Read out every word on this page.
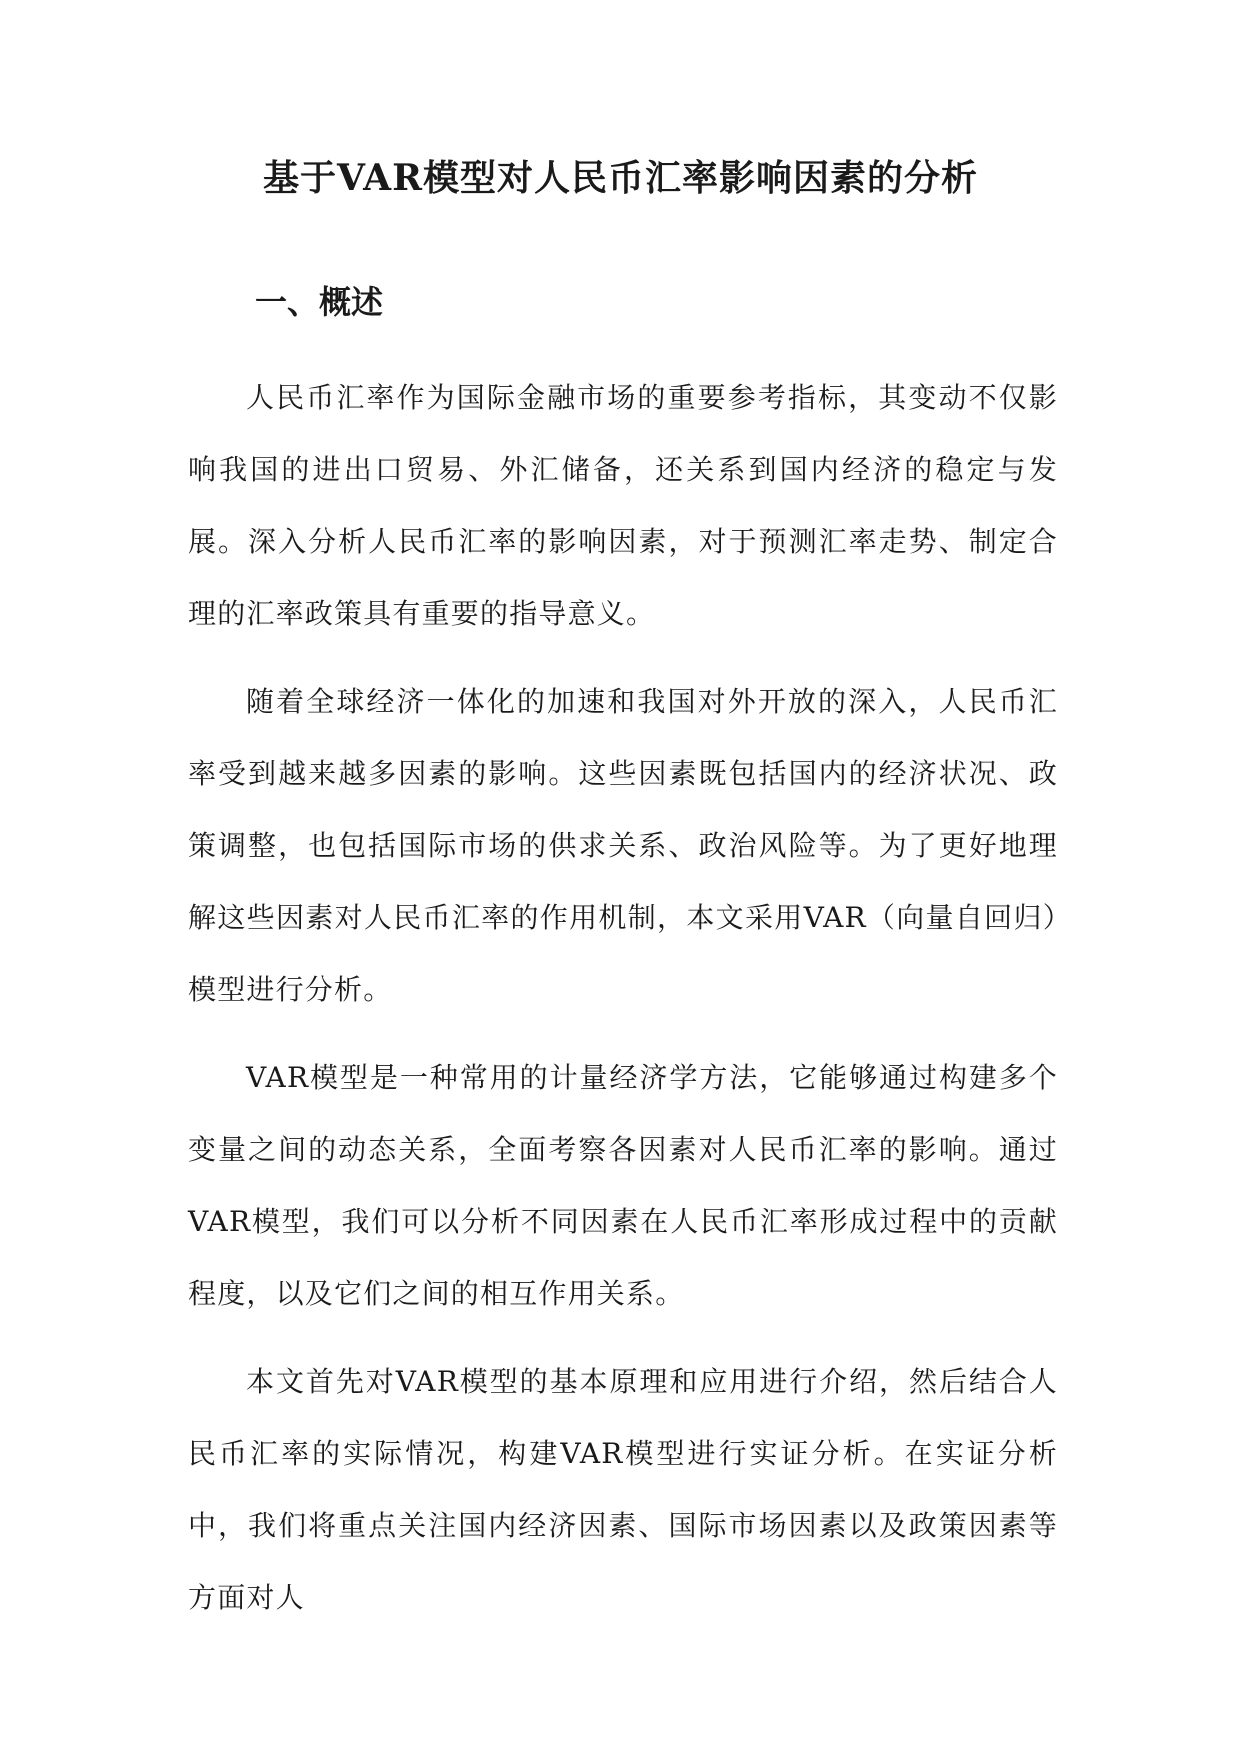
基于VAR模型对人民币汇率影响因素的分析
一、概述

人民币汇率作为国际金融市场的重要参考指标，其变动不仅影响我国的进出口贸易、外汇储备，还关系到国内经济的稳定与发展。深入分析人民币汇率的影响因素，对于预测汇率走势、制定合理的汇率政策具有重要的指导意义。

随着全球经济一体化的加速和我国对外开放的深入，人民币汇率受到越来越多因素的影响。这些因素既包括国内的经济状况、政策调整，也包括国际市场的供求关系、政治风险等。为了更好地理解这些因素对人民币汇率的作用机制，本文采用VAR（向量自回归）模型进行分析。

VAR模型是一种常用的计量经济学方法，它能够通过构建多个变量之间的动态关系，全面考察各因素对人民币汇率的影响。通过VAR模型，我们可以分析不同因素在人民币汇率形成过程中的贡献程度，以及它们之间的相互作用关系。

本文首先对VAR模型的基本原理和应用进行介绍，然后结合人民币汇率的实际情况，构建VAR模型进行实证分析。在实证分析中，我们将重点关注国内经济因素、国际市场因素以及政策因素等方面对人
